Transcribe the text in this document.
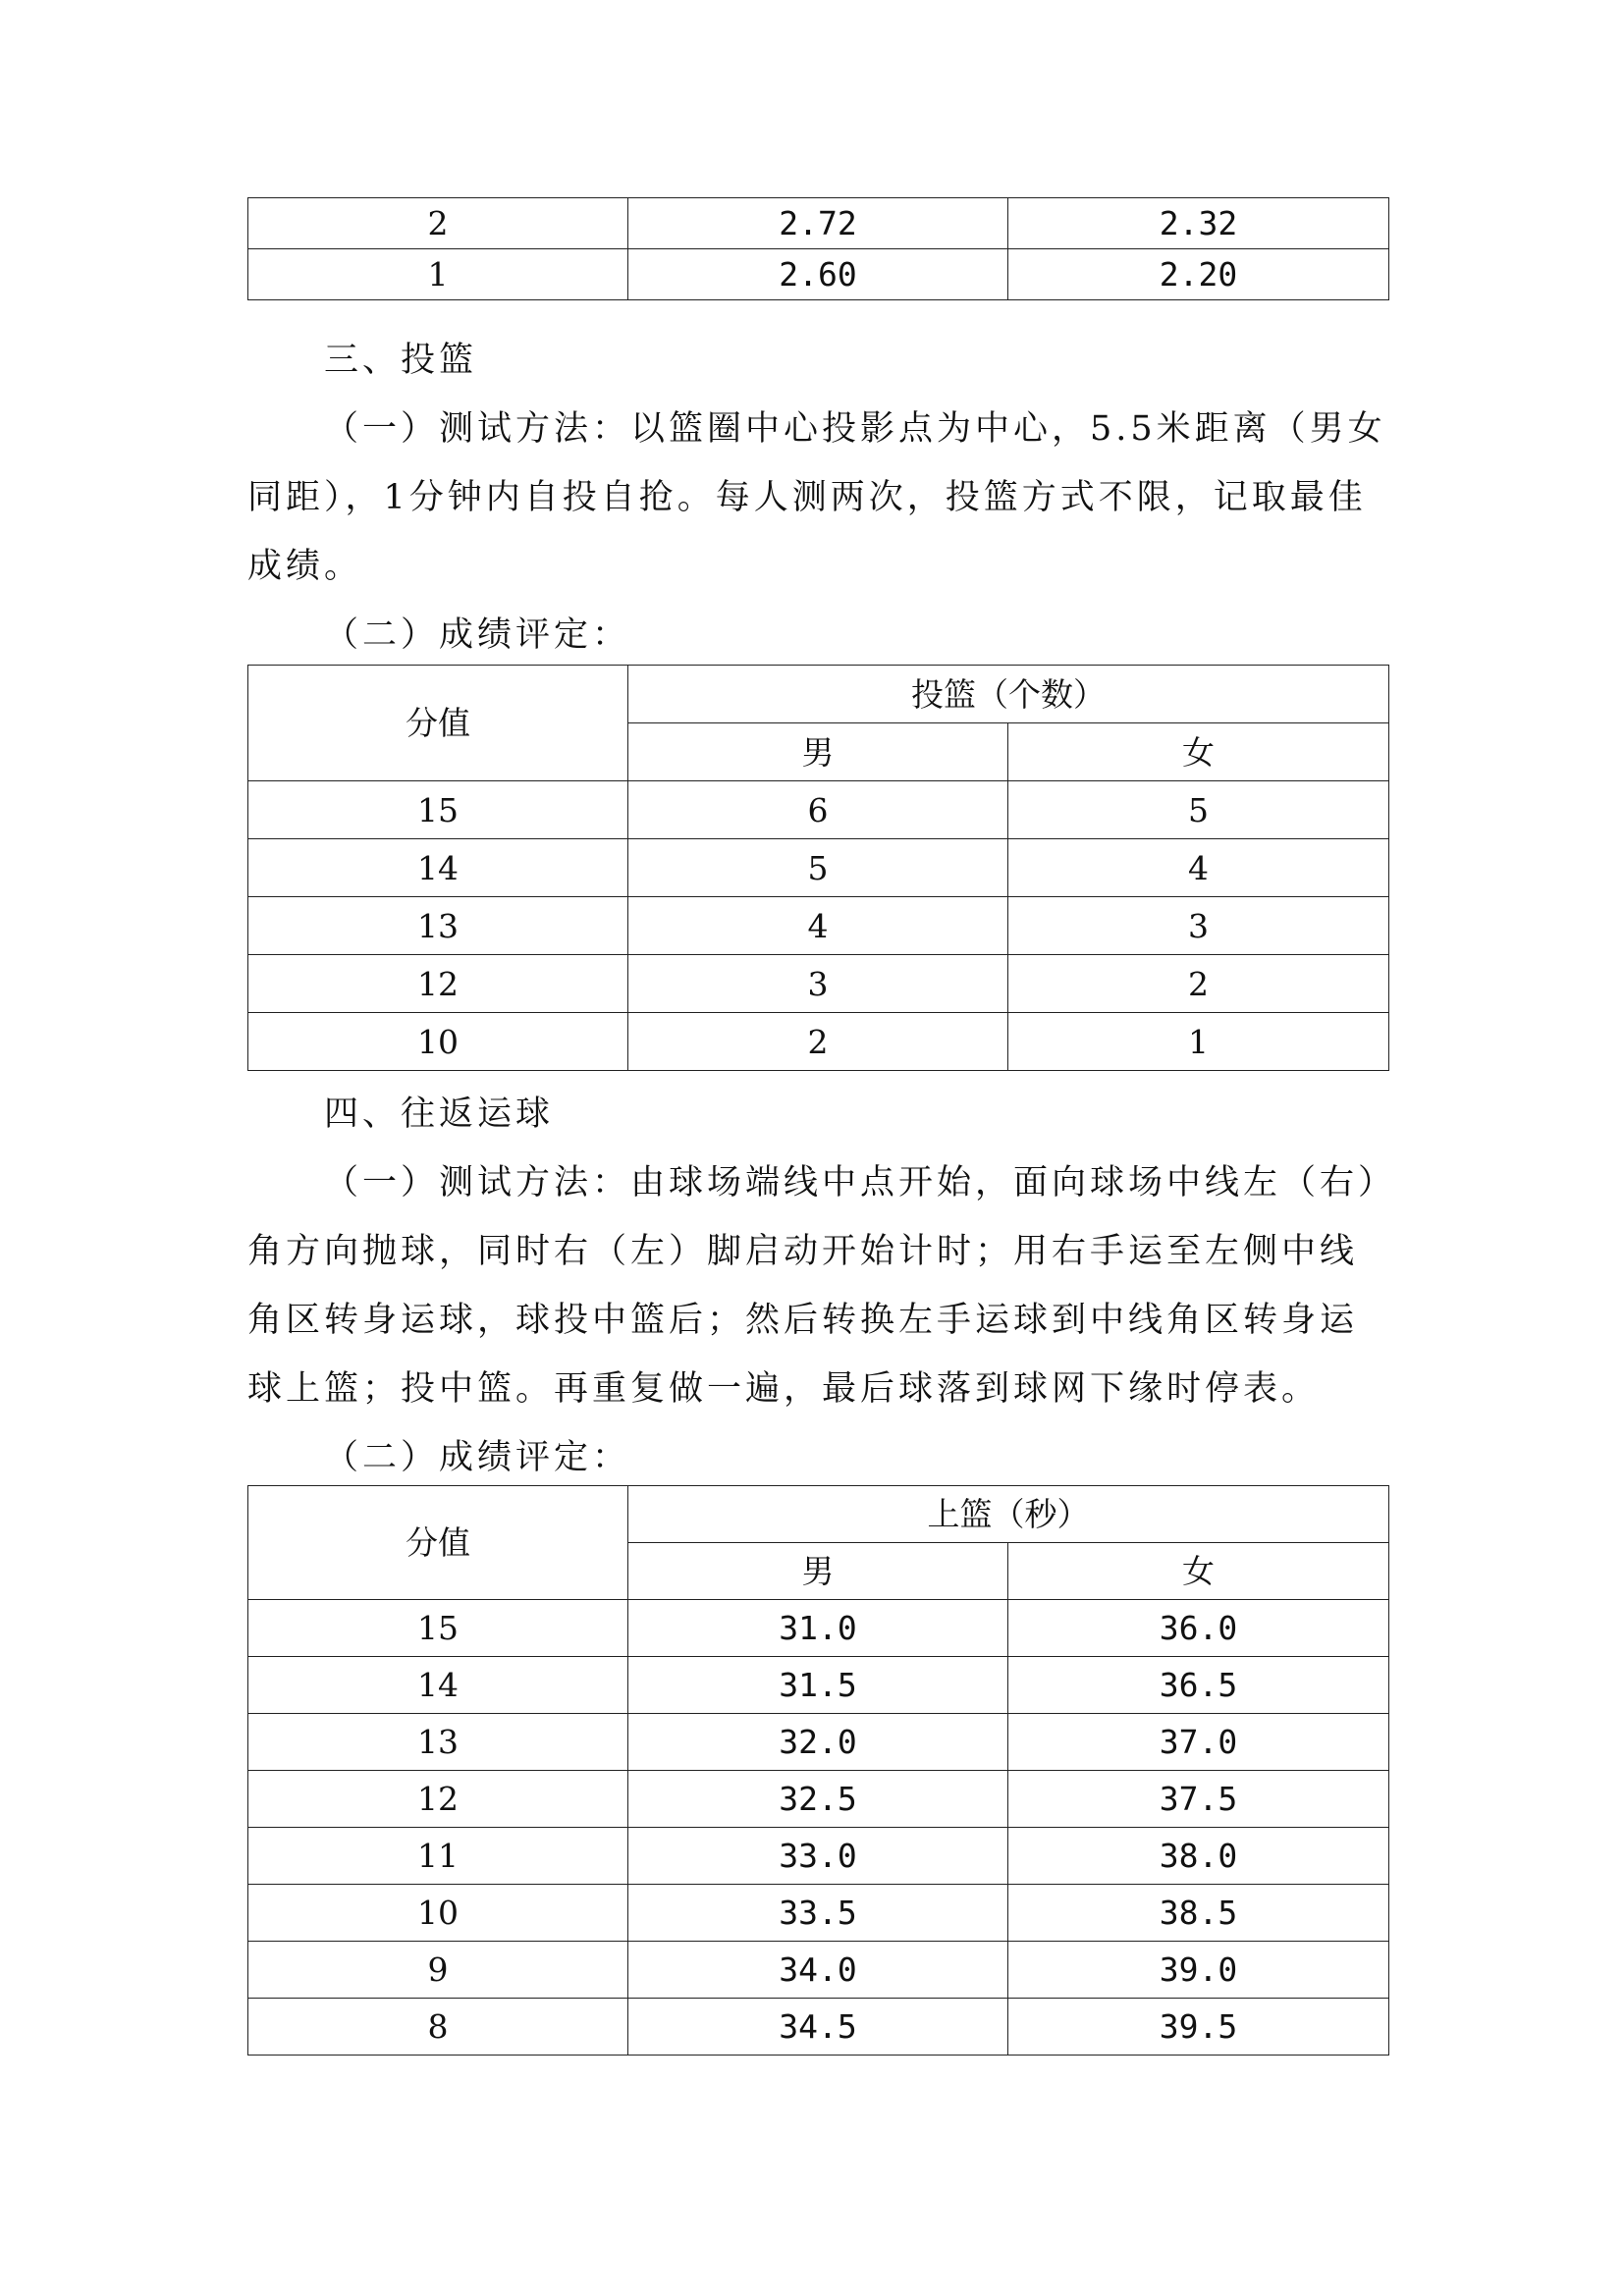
2	2.72	2.32
1	2.60	2.20

三、投篮

（一）测试方法：以篮圈中心投影点为中心，5.5米距离（男女同距），1分钟内自投自抢。每人测两次，投篮方式不限，记取最佳成绩。

（二）成绩评定：

分值	投篮（个数）	
	男	女
15	6	5
14	5	4
13	4	3
12	3	2
10	2	1

四、往返运球

（一）测试方法：由球场端线中点开始，面向球场中线左（右）角方向抛球，同时右（左）脚启动开始计时；用右手运至左侧中线角区转身运球，球投中篮后；然后转换左手运球到中线角区转身运球上篮；投中篮。再重复做一遍，最后球落到球网下缘时停表。

（二）成绩评定：

分值	上篮（秒）	
	男	女
15	31.0	36.0
14	31.5	36.5
13	32.0	37.0
12	32.5	37.5
11	33.0	38.0
10	33.5	38.5
9	34.0	39.0
8	34.5	39.5
